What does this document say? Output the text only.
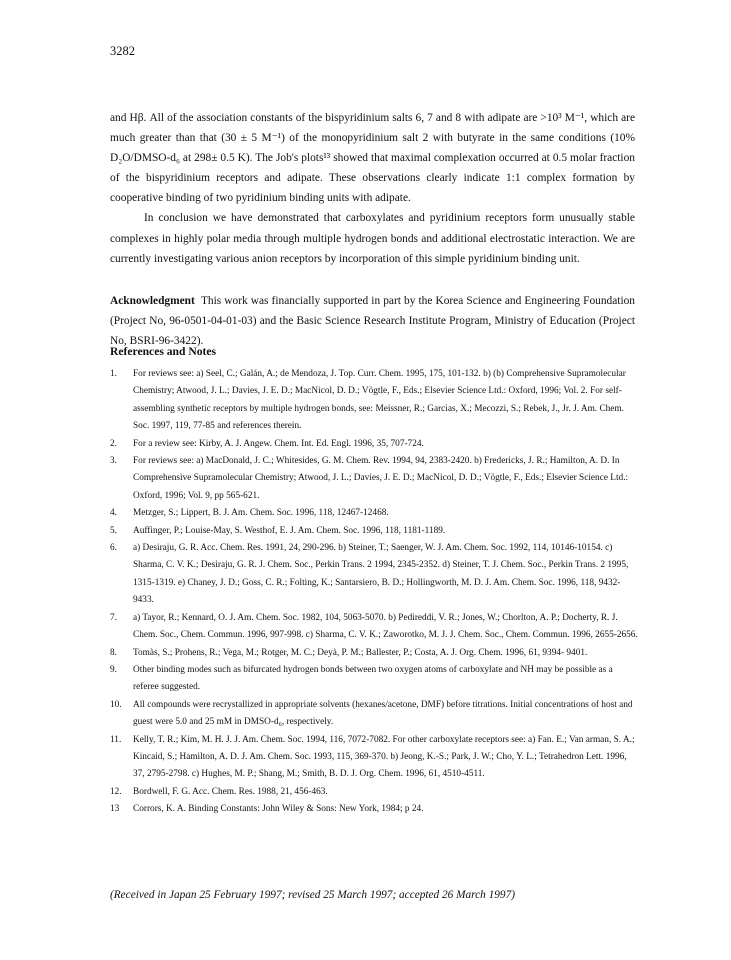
3282

and Hβ. All of the association constants of the bispyridinium salts 6, 7 and 8 with adipate are >10³ M⁻¹, which are much greater than that (30 ± 5 M⁻¹) of the monopyridinium salt 2 with butyrate in the same conditions (10% D₂O/DMSO-d₆ at 298± 0.5 K). The Job's plots¹³ showed that maximal complexation occurred at 0.5 molar fraction of the bispyridinium receptors and adipate. These observations clearly indicate 1:1 complex formation by cooperative binding of two pyridinium binding units with adipate.

In conclusion we have demonstrated that carboxylates and pyridinium receptors form unusually stable complexes in highly polar media through multiple hydrogen bonds and additional electrostatic interaction. We are currently investigating various anion receptors by incorporation of this simple pyridinium binding unit.

Acknowledgment This work was financially supported in part by the Korea Science and Engineering Foundation (Project No, 96-0501-04-01-03) and the Basic Science Research Institute Program, Ministry of Education (Project No, BSRI-96-3422).
References and Notes
1. For reviews see: a) Seel, C.; Galán, A.; de Mendoza, J. Top. Curr. Chem. 1995, 175, 101-132. b) (b) Comprehensive Supramolecular Chemistry; Atwood, J. L.; Davies, J. E. D.; MacNicol, D. D.; Vögtle, F., Eds.; Elsevier Science Ltd.: Oxford, 1996; Vol. 2. For self-assembling synthetic receptors by multiple hydrogen bonds, see: Meissner, R.; Garcias, X.; Mecozzi, S.; Rebek, J., Jr. J. Am. Chem. Soc. 1997, 119, 77-85 and references therein.
2. For a review see: Kirby, A. J. Angew. Chem. Int. Ed. Engl. 1996, 35, 707-724.
3. For reviews see: a) MacDonald, J. C.; Whitesides, G. M. Chem. Rev. 1994, 94, 2383-2420. b) Fredericks, J. R.; Hamilton, A. D. In Comprehensive Supramolecular Chemistry; Atwood, J. L.; Davies, J. E. D.; MacNicol, D. D.; Vögtle, F., Eds.; Elsevier Science Ltd.: Oxford, 1996; Vol. 9, pp 565-621.
4. Metzger, S.; Lippert, B. J. Am. Chem. Soc. 1996, 118, 12467-12468.
5. Auffinger, P.; Louise-May, S. Westhof, E. J. Am. Chem. Soc. 1996, 118, 1181-1189.
6. a) Desiraju, G. R. Acc. Chem. Res. 1991, 24, 290-296. b) Steiner, T.; Saenger, W. J. Am. Chem. Soc. 1992, 114, 10146-10154. c) Sharma, C. V. K.; Desiraju, G. R. J. Chem. Soc., Perkin Trans. 2 1994, 2345-2352. d) Steiner, T. J. Chem. Soc., Perkin Trans. 2 1995, 1315-1319. e) Chaney, J. D.; Goss, C. R.; Folting, K.; Santarsiero, B. D.; Hollingworth, M. D. J. Am. Chem. Soc. 1996, 118, 9432-9433.
7. a) Tayor, R.; Kennard, O. J. Am. Chem. Soc. 1982, 104, 5063-5070. b) Pedireddi, V. R.; Jones, W.; Chorlton, A. P.; Docherty, R. J. Chem. Soc., Chem. Commun. 1996, 997-998. c) Sharma, C. V. K.; Zaworotko, M. J. J. Chem. Soc., Chem. Commun. 1996, 2655-2656.
8. Tomàs, S.; Prohens, R.; Vega, M.; Rotger, M. C.; Deyà, P. M.; Ballester, P.; Costa, A. J. Org. Chem. 1996, 61, 9394- 9401.
9. Other binding modes such as bifurcated hydrogen bonds between two oxygen atoms of carboxylate and NH may be possible as a referee suggested.
10. All compounds were recrystallized in appropriate solvents (hexanes/acetone, DMF) before titrations. Initial concentrations of host and guest were 5.0 and 25 mM in DMSO-d₆, respectively.
11. Kelly, T. R.; Kim, M. H. J. J. Am. Chem. Soc. 1994, 116, 7072-7082. For other carboxylate receptors see: a) Fan. E.; Van arman, S. A.; Kincaid, S.; Hamilton, A. D. J. Am. Chem. Soc. 1993, 115, 369-370. b) Jeong, K.-S.; Park, J. W.; Cho, Y. L.; Tetrahedron Lett. 1996, 37, 2795-2798. c) Hughes, M. P.; Shang, M.; Smith, B. D. J. Org. Chem. 1996, 61, 4510-4511.
12. Bordwell, F. G. Acc. Chem. Res. 1988, 21, 456-463.
13 Corrors, K. A. Binding Constants: John Wiley & Sons: New York, 1984; p 24.
(Received in Japan 25 February 1997; revised 25 March 1997; accepted 26 March 1997)
